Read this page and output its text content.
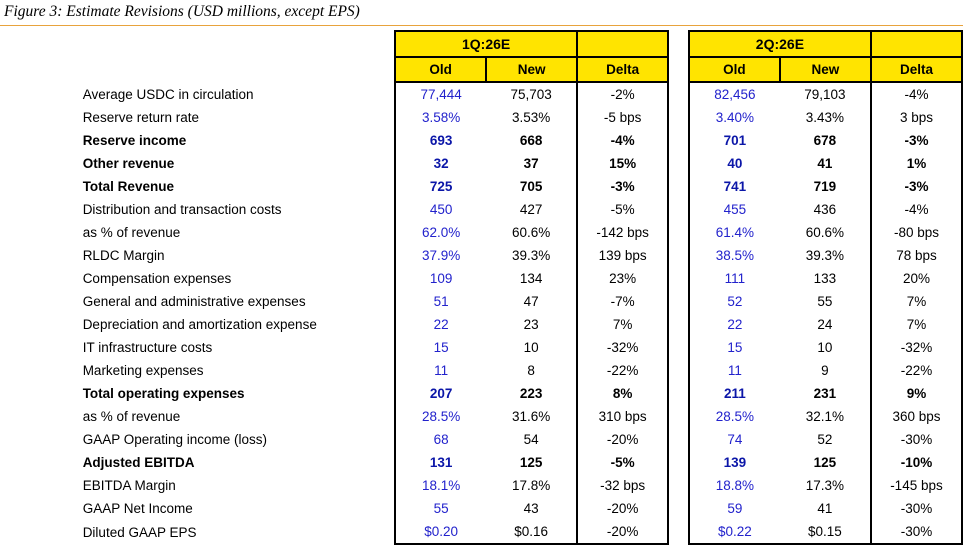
Figure 3: Estimate Revisions (USD millions, except EPS)
		1Q:26E				2Q:26E		
		Old	New	Delta		Old	New	Delta
	Average USDC in circulation	77,444	75,703	-2%		82,456	79,103	-4%
	Reserve return rate	3.58%	3.53%	-5 bps		3.40%	3.43%	3 bps
	Reserve income	693	668	-4%		701	678	-3%
	Other revenue	32	37	15%		40	41	1%
	Total Revenue	725	705	-3%		741	719	-3%
	Distribution and transaction costs	450	427	-5%		455	436	-4%
	as % of revenue	62.0%	60.6%	-142 bps		61.4%	60.6%	-80 bps
	RLDC Margin	37.9%	39.3%	139 bps		38.5%	39.3%	78 bps
	Compensation expenses	109	134	23%		111	133	20%
	General and administrative expenses	51	47	-7%		52	55	7%
	Depreciation and amortization expense	22	23	7%		22	24	7%
	IT infrastructure costs	15	10	-32%		15	10	-32%
	Marketing expenses	11	8	-22%		11	9	-22%
	Total operating expenses	207	223	8%		211	231	9%
	as % of revenue	28.5%	31.6%	310 bps		28.5%	32.1%	360 bps
	GAAP Operating income (loss)	68	54	-20%		74	52	-30%
	Adjusted EBITDA	131	125	-5%		139	125	-10%
	EBITDA Margin	18.1%	17.8%	-32 bps		18.8%	17.3%	-145 bps
	GAAP Net Income	55	43	-20%		59	41	-30%
	Diluted GAAP EPS	$0.20	$0.16	-20%		$0.22	$0.15	-30%
